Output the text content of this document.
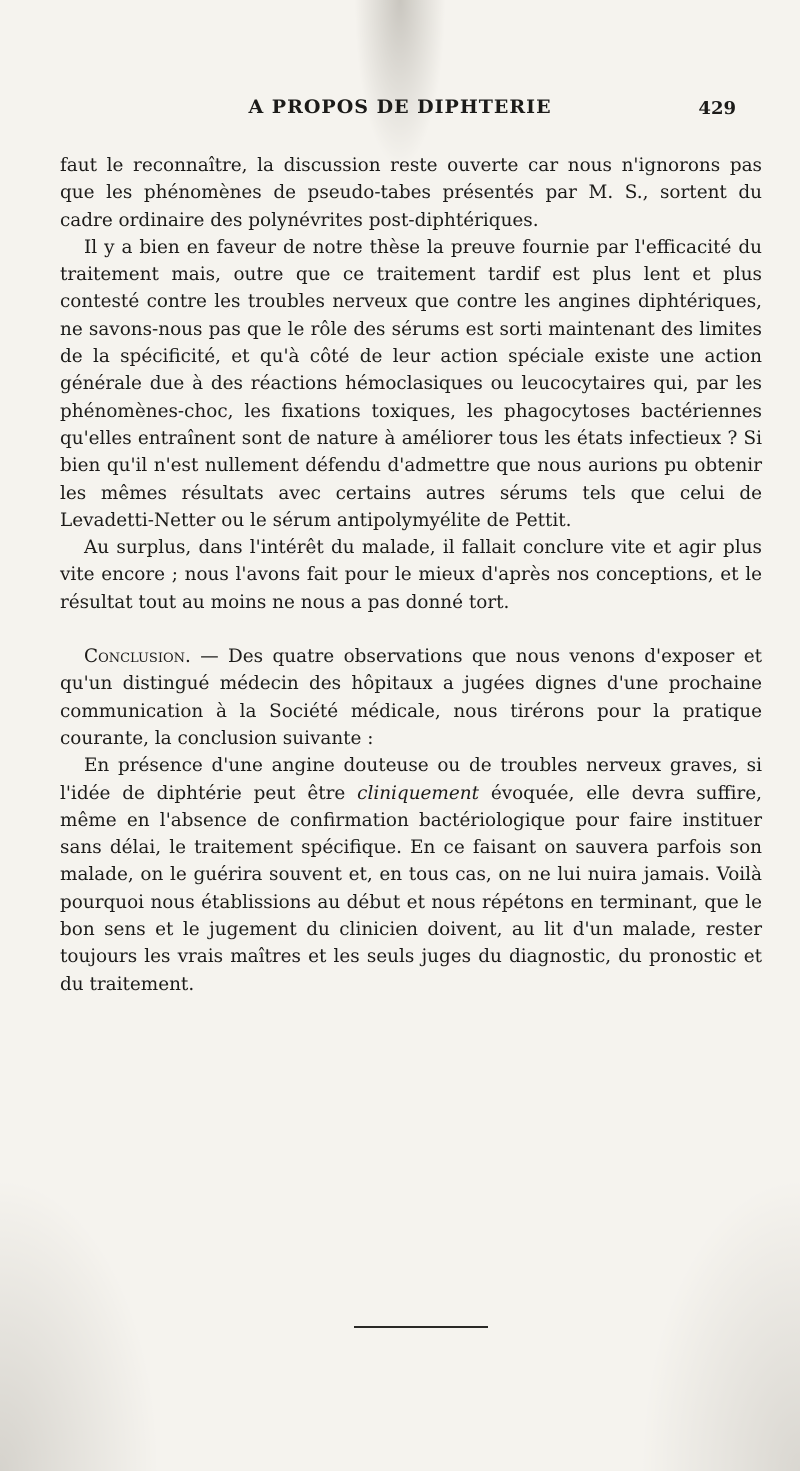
A PROPOS DE DIPHTERIE	429

faut le reconnaître, la discussion reste ouverte car nous n'ignorons pas que les phénomènes de pseudo-tabes présentés par M. S., sortent du cadre ordinaire des polynévrites post-diphtériques.

Il y a bien en faveur de notre thèse la preuve fournie par l'efficacité du traitement mais, outre que ce traitement tardif est plus lent et plus contesté contre les troubles nerveux que contre les angines diphtériques, ne savons-nous pas que le rôle des sérums est sorti maintenant des limites de la spécificité, et qu'à côté de leur action spéciale existe une action générale due à des réactions hémoclasiques ou leucocytaires qui, par les phénomènes-choc, les fixations toxiques, les phagocytoses bactériennes qu'elles entraînent sont de nature à améliorer tous les états infectieux ? Si bien qu'il n'est nullement défendu d'admettre que nous aurions pu obtenir les mêmes résultats avec certains autres sérums tels que celui de Levadetti-Netter ou le sérum antipolymyélite de Pettit.

Au surplus, dans l'intérêt du malade, il fallait conclure vite et agir plus vite encore ; nous l'avons fait pour le mieux d'après nos conceptions, et le résultat tout au moins ne nous a pas donné tort.

Conclusion. — Des quatre observations que nous venons d'exposer et qu'un distingué médecin des hôpitaux a jugées dignes d'une prochaine communication à la Société médicale, nous tirérons pour la pratique courante, la conclusion suivante :

En présence d'une angine douteuse ou de troubles nerveux graves, si l'idée de diphtérie peut être cliniquement évoquée, elle devra suffire, même en l'absence de confirmation bactériologique pour faire instituer sans délai, le traitement spécifique. En ce faisant on sauvera parfois son malade, on le guérira souvent et, en tous cas, on ne lui nuira jamais. Voilà pourquoi nous établissions au début et nous répétons en terminant, que le bon sens et le jugement du clinicien doivent, au lit d'un malade, rester toujours les vrais maîtres et les seuls juges du diagnostic, du pronostic et du traitement.
